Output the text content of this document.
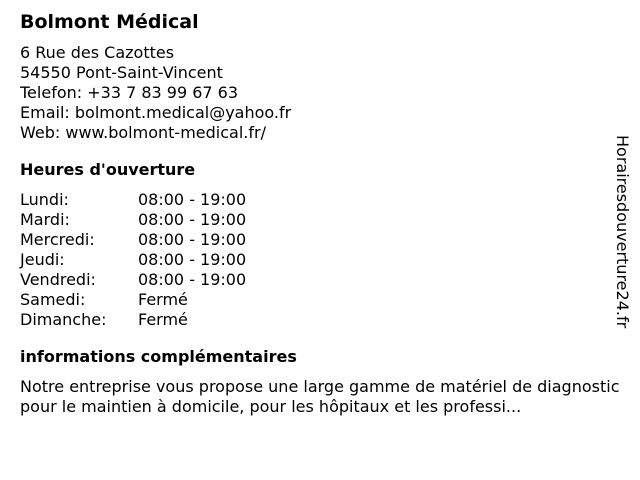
Bolmont Médical
6 Rue des Cazottes
54550 Pont-Saint-Vincent
Telefon: +33 7 83 99 67 63
Email: bolmont.medical@yahoo.fr
Web: www.bolmont-medical.fr/
Heures d'ouverture
Lundi:	08:00 - 19:00
Mardi:	08:00 - 19:00
Mercredi:	08:00 - 19:00
Jeudi:	08:00 - 19:00
Vendredi:	08:00 - 19:00
Samedi:	Fermé
Dimanche: Fermé
informations complémentaires
Notre entreprise vous propose une large gamme de matériel de diagnostic pour le maintien à domicile, pour les hôpitaux et les professi...
Horairesdouverture24.fr
